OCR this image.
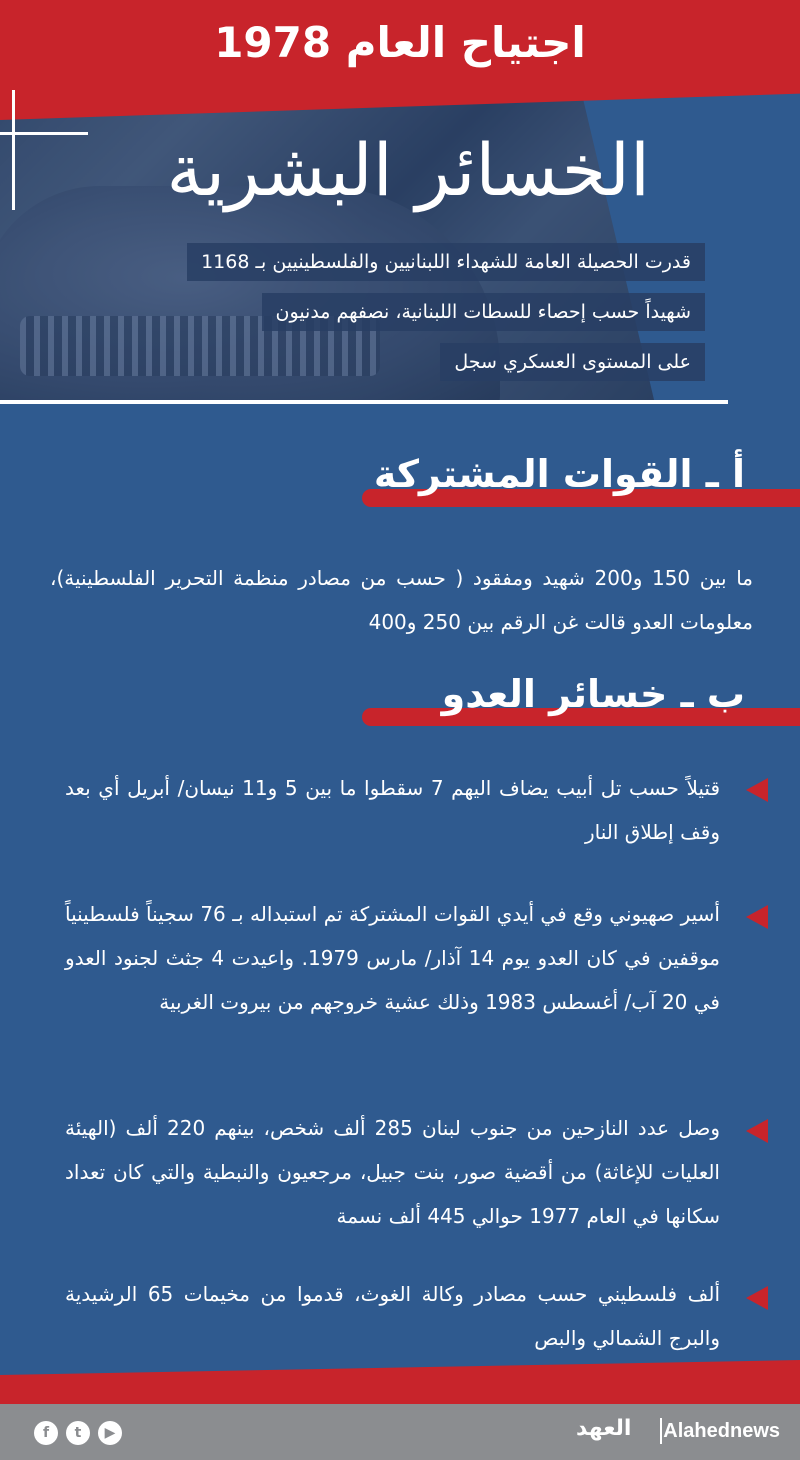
اجتياح العام 1978
الخسائر البشرية
قدرت الحصيلة العامة للشهداء اللبنانيين والفلسطينيين بـ 1168
شهيداً حسب إحصاء للسطات اللبنانية، نصفهم مدنيون
على المستوى العسكري سجل
أ ـ القوات المشتركة
ما بين 150 و200 شهيد ومفقود ( حسب من مصادر منظمة التحرير الفلسطينية)، معلومات العدو قالت غن الرقم بين 250 و400
ب ـ خسائر العدو
قتيلاً حسب تل أبيب يضاف اليهم 7 سقطوا ما بين 5 و11 نيسان/ أبريل أي بعد وقف إطلاق النار
أسير صهيوني وقع في أيدي القوات المشتركة تم استبداله بـ 76 سجيناً فلسطينياً موقفين في كان العدو يوم 14 آذار/ مارس 1979. واعيدت 4 جثث لجنود العدو في 20 آب/ أغسطس 1983 وذلك عشية خروجهم من بيروت الغربية
وصل عدد النازحين من جنوب لبنان 285 ألف شخص، بينهم 220 ألف (الهيئة العليات للإغاثة) من أقضية صور، بنت جبيل، مرجعيون والنبطية والتي كان تعداد سكانها في العام 1977 حوالي 445 ألف نسمة
ألف فلسطيني حسب مصادر وكالة الغوث، قدموا من مخيمات 65 الرشيدية والبرج الشمالي والبص
f	t	▶	العهد Alahednews
